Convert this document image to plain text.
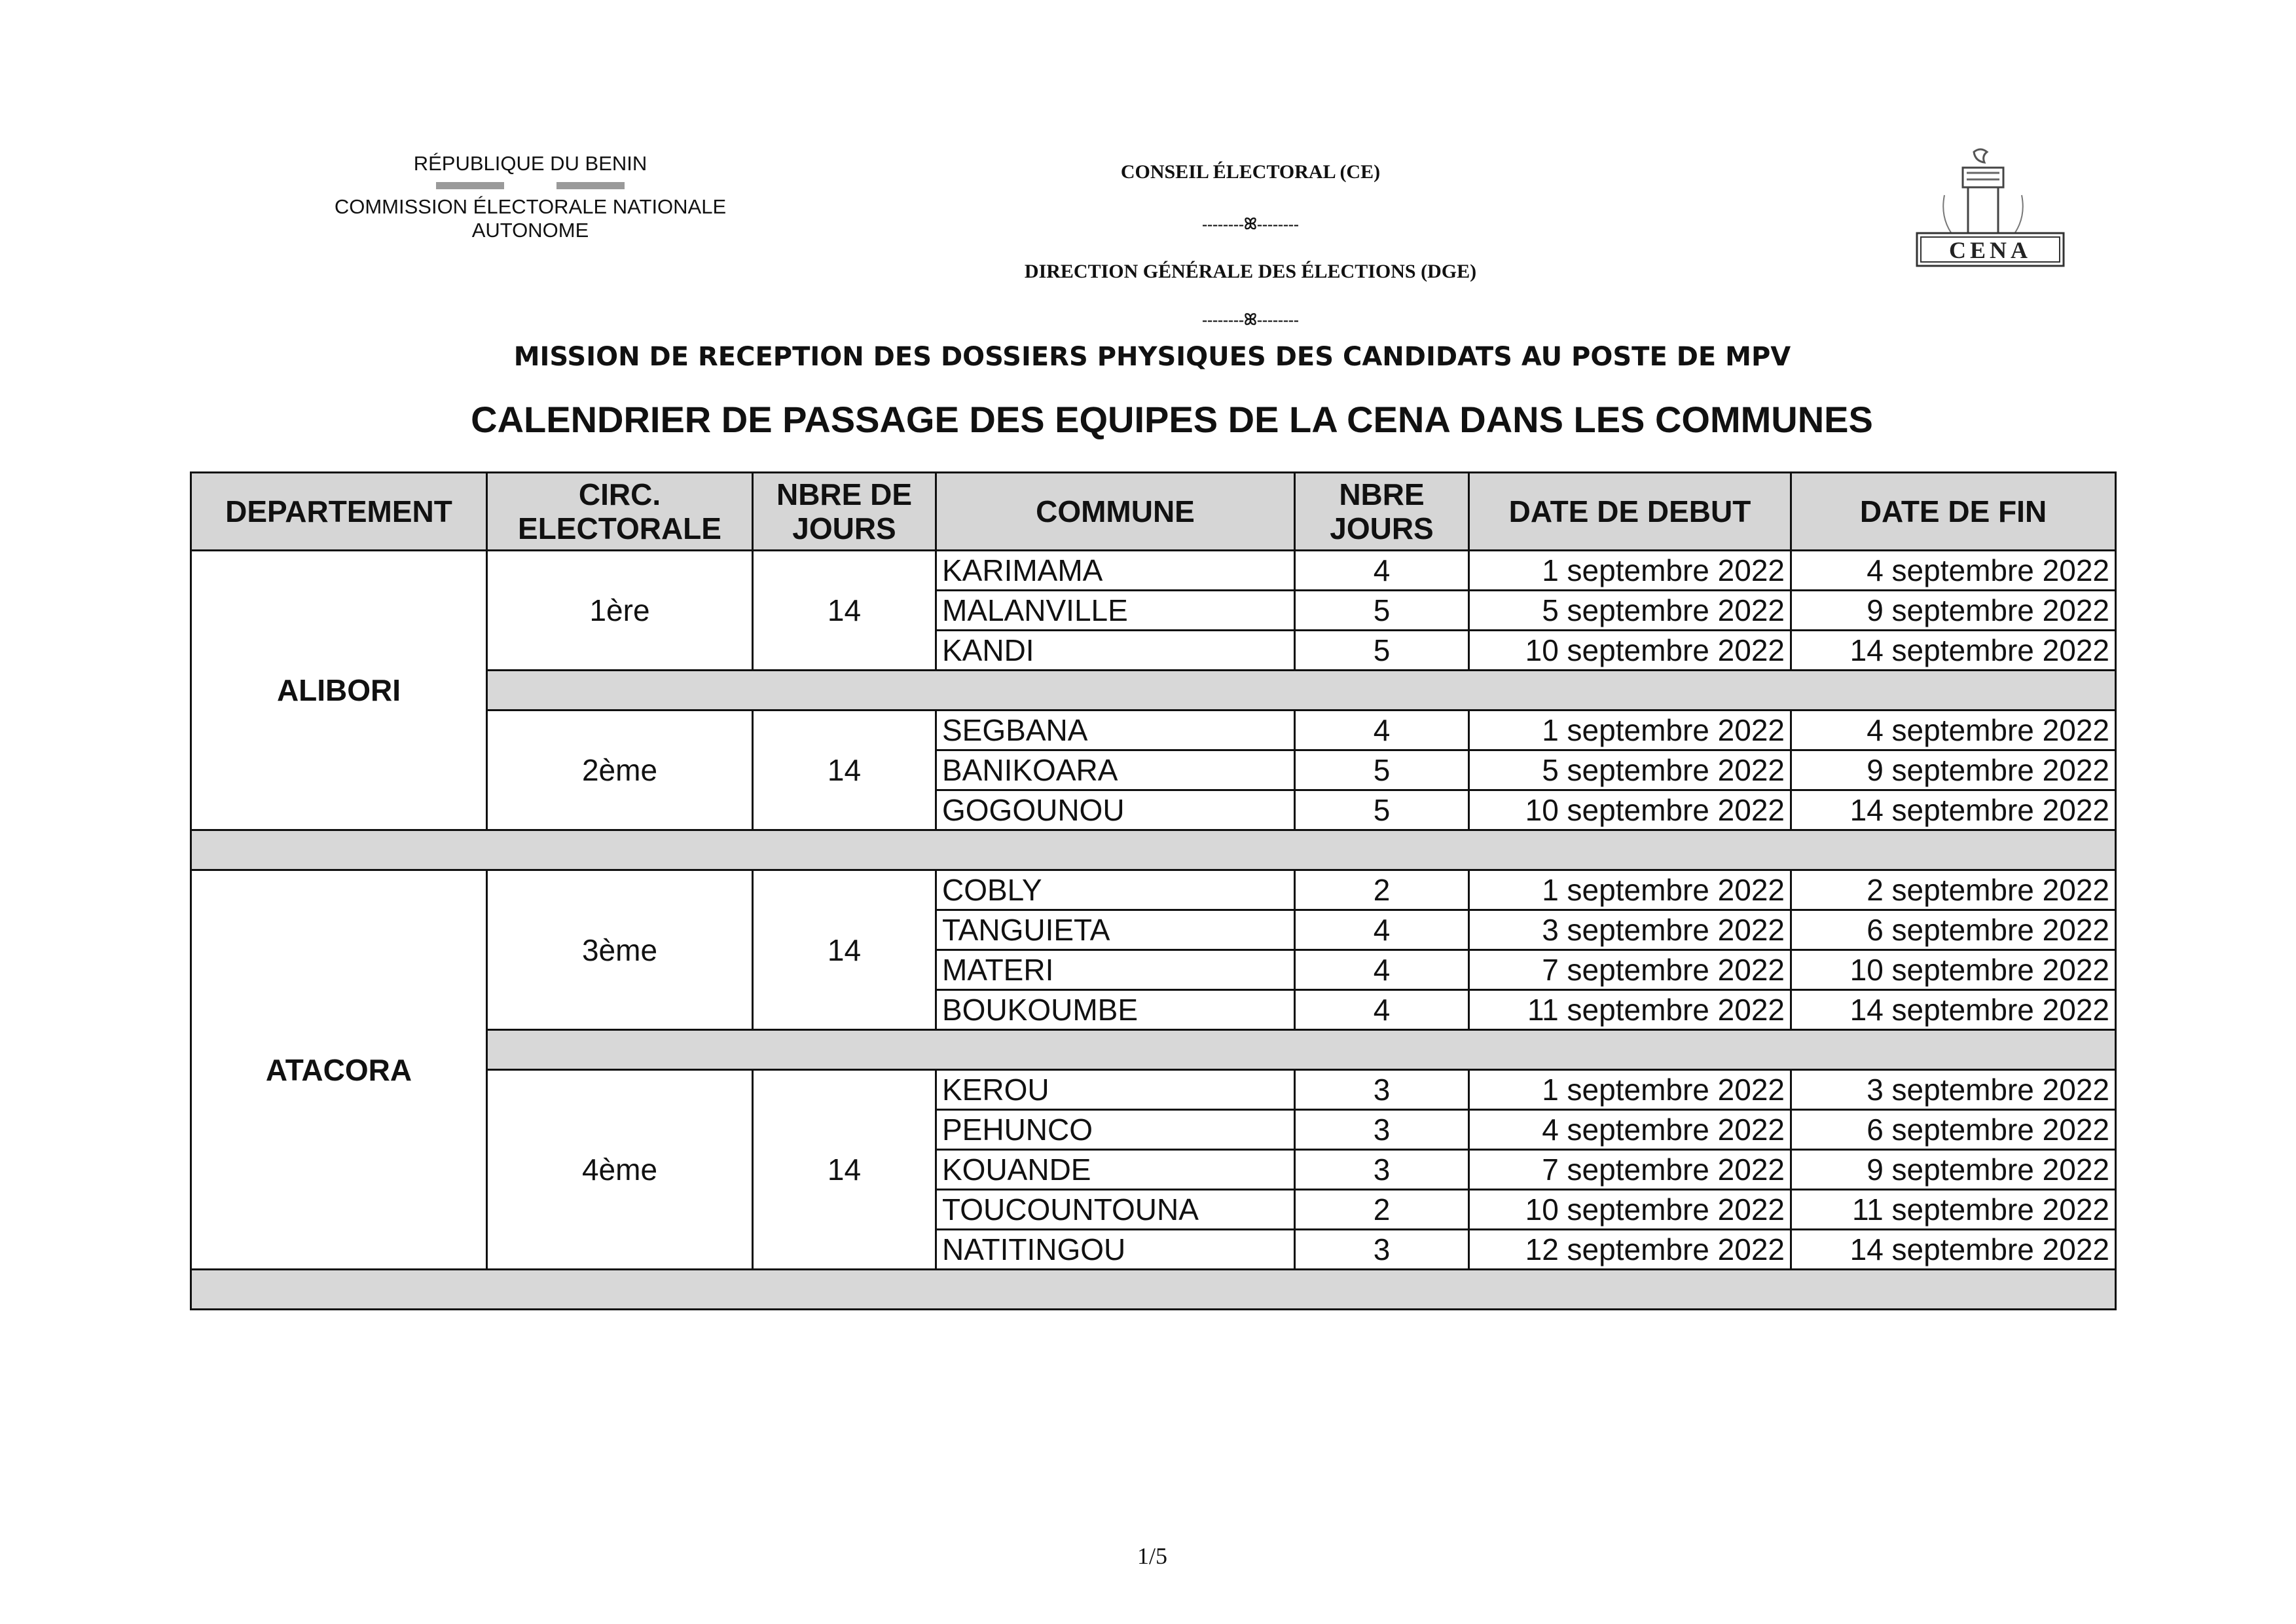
RÉPUBLIQUE DU BENIN
COMMISSION ÉLECTORALE NATIONALE
AUTONOME
CONSEIL ÉLECTORAL (CE)
--------ꕤ--------
DIRECTION GÉNÉRALE DES ÉLECTIONS (DGE)
--------ꕤ--------
CENA
MISSION DE RECEPTION DES DOSSIERS PHYSIQUES DES CANDIDATS AU POSTE DE MPV
CALENDRIER DE PASSAGE DES EQUIPES DE LA CENA DANS LES COMMUNES
DEPARTEMENT	CIRC. ELECTORALE	NBRE DE JOURS	COMMUNE	NBRE JOURS	DATE DE DEBUT	DATE DE FIN
ALIBORI	1ère	14	KARIMAMA	4	1 septembre 2022	4 septembre 2022
			MALANVILLE	5	5 septembre 2022	9 septembre 2022
			KANDI	5	10 septembre 2022	14 septembre 2022

	2ème	14	SEGBANA	4	1 septembre 2022	4 septembre 2022
			BANIKOARA	5	5 septembre 2022	9 septembre 2022
			GOGOUNOU	5	10 septembre 2022	14 septembre 2022

ATACORA	3ème	14	COBLY	2	1 septembre 2022	2 septembre 2022
			TANGUIETA	4	3 septembre 2022	6 septembre 2022
			MATERI	4	7 septembre 2022	10 septembre 2022
			BOUKOUMBE	4	11 septembre 2022	14 septembre 2022

	4ème	14	KEROU	3	1 septembre 2022	3 septembre 2022
			PEHUNCO	3	4 septembre 2022	6 septembre 2022
			KOUANDE	3	7 septembre 2022	9 septembre 2022
			TOUCOUNTOUNA	2	10 septembre 2022	11 septembre 2022
			NATITINGOU	3	12 septembre 2022	14 septembre 2022

1/5
